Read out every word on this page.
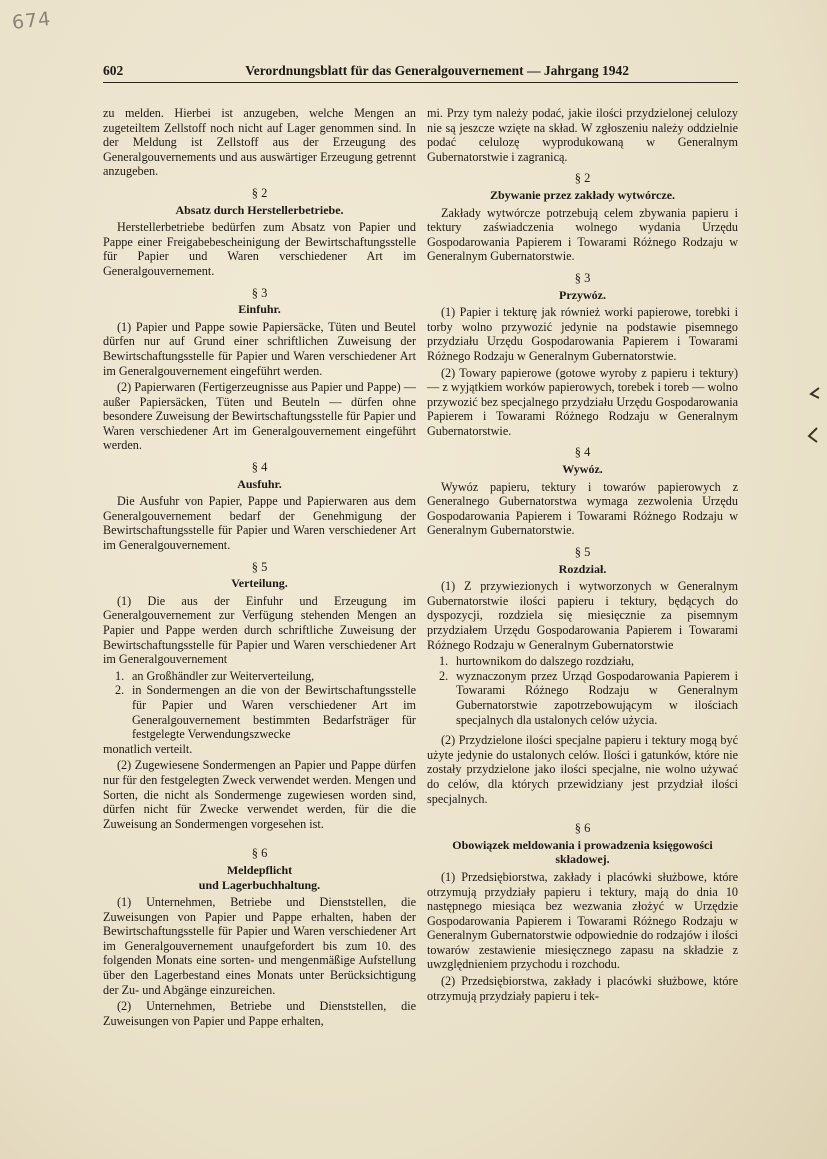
674
602	Verordnungsblatt für das Generalgouvernement — Jahrgang 1942

zu melden. Hierbei ist anzugeben, welche Mengen an zugeteiltem Zellstoff noch nicht auf Lager genommen sind. In der Meldung ist Zellstoff aus der Erzeugung des Generalgouvernements und aus auswärtiger Erzeugung getrennt anzugeben.

§ 2
Absatz durch Herstellerbetriebe.

Herstellerbetriebe bedürfen zum Absatz von Papier und Pappe einer Freigabebescheinigung der Bewirtschaftungsstelle für Papier und Waren verschiedener Art im Generalgouvernement.

§ 3
Einfuhr.

(1) Papier und Pappe sowie Papiersäcke, Tüten und Beutel dürfen nur auf Grund einer schriftlichen Zuweisung der Bewirtschaftungsstelle für Papier und Waren verschiedener Art im Generalgouvernement eingeführt werden.

(2) Papierwaren (Fertigerzeugnisse aus Papier und Pappe) — außer Papiersäcken, Tüten und Beuteln — dürfen ohne besondere Zuweisung der Bewirtschaftungsstelle für Papier und Waren verschiedener Art im Generalgouvernement eingeführt werden.

§ 4
Ausfuhr.

Die Ausfuhr von Papier, Pappe und Papierwaren aus dem Generalgouvernement bedarf der Genehmigung der Bewirtschaftungsstelle für Papier und Waren verschiedener Art im Generalgouvernement.

§ 5
Verteilung.

(1) Die aus der Einfuhr und Erzeugung im Generalgouvernement zur Verfügung stehenden Mengen an Papier und Pappe werden durch schriftliche Zuweisung der Bewirtschaftungsstelle für Papier und Waren verschiedener Art im Generalgouvernement

1. an Großhändler zur Weiterverteilung,
2. in Sondermengen an die von der Bewirtschaftungsstelle für Papier und Waren verschiedener Art im Generalgouvernement bestimmten Bedarfsträger für festgelegte Verwendungszwecke

monatlich verteilt.

(2) Zugewiesene Sondermengen an Papier und Pappe dürfen nur für den festgelegten Zweck verwendet werden. Mengen und Sorten, die nicht als Sondermenge zugewiesen worden sind, dürfen nicht für Zwecke verwendet werden, für die die Zuweisung an Sondermengen vorgesehen ist.

§ 6
Meldepflicht
und Lagerbuchhaltung.

(1) Unternehmen, Betriebe und Dienststellen, die Zuweisungen von Papier und Pappe erhalten, haben der Bewirtschaftungsstelle für Papier und Waren verschiedener Art im Generalgouvernement unaufgefordert bis zum 10. des folgenden Monats eine sorten- und mengenmäßige Aufstellung über den Lagerbestand eines Monats unter Berücksichtigung der Zu- und Abgänge einzureichen.

(2) Unternehmen, Betriebe und Dienststellen, die Zuweisungen von Papier und Pappe erhalten,

mi. Przy tym należy podać, jakie ilości przydzielonej celulozy nie są jeszcze wzięte na skład. W zgłoszeniu należy oddzielnie podać celulozę wyprodukowaną w Generalnym Gubernatorstwie i zagranicą.

§ 2
Zbywanie przez zakłady wytwórcze.

Zakłady wytwórcze potrzebują celem zbywania papieru i tektury zaświadczenia wolnego wydania Urzędu Gospodarowania Papierem i Towarami Różnego Rodzaju w Generalnym Gubernatorstwie.

§ 3
Przywóz.

(1) Papier i tekturę jak również worki papierowe, torebki i torby wolno przywozić jedynie na podstawie pisemnego przydziału Urzędu Gospodarowania Papierem i Towarami Różnego Rodzaju w Generalnym Gubernatorstwie.

(2) Towary papierowe (gotowe wyroby z papieru i tektury) — z wyjątkiem worków papierowych, torebek i toreb — wolno przywozić bez specjalnego przydziału Urzędu Gospodarowania Papierem i Towarami Różnego Rodzaju w Generalnym Gubernatorstwie.

§ 4
Wywóz.

Wywóz papieru, tektury i towarów papierowych z Generalnego Gubernatorstwa wymaga zezwolenia Urzędu Gospodarowania Papierem i Towarami Różnego Rodzaju w Generalnym Gubernatorstwie.

§ 5
Rozdział.

(1) Z przywiezionych i wytworzonych w Generalnym Gubernatorstwie ilości papieru i tektury, będących do dyspozycji, rozdziela się miesięcznie za pisemnym przydziałem Urzędu Gospodarowania Papierem i Towarami Różnego Rodzaju w Generalnym Gubernatorstwie

1. hurtownikom do dalszego rozdziału,
2. wyznaczonym przez Urząd Gospodarowania Papierem i Towarami Różnego Rodzaju w Generalnym Gubernatorstwie zapotrzebowującym w ilościach specjalnych dla ustalonych celów użycia.

(2) Przydzielone ilości specjalne papieru i tektury mogą być użyte jedynie do ustalonych celów. Ilości i gatunków, które nie zostały przydzielone jako ilości specjalne, nie wolno używać do celów, dla których przewidziany jest przydział ilości specjalnych.

§ 6
Obowiązek meldowania i prowadzenia księgowości składowej.

(1) Przedsiębiorstwa, zakłady i placówki służbowe, które otrzymują przydziały papieru i tektury, mają do dnia 10 następnego miesiąca bez wezwania złożyć w Urzędzie Gospodarowania Papierem i Towarami Różnego Rodzaju w Generalnym Gubernatorstwie odpowiednie do rodzajów i ilości towarów zestawienie miesięcznego zapasu na składzie z uwzględnieniem przychodu i rozchodu.

(2) Przedsiębiorstwa, zakłady i placówki służbowe, które otrzymują przydziały papieru i tek-
